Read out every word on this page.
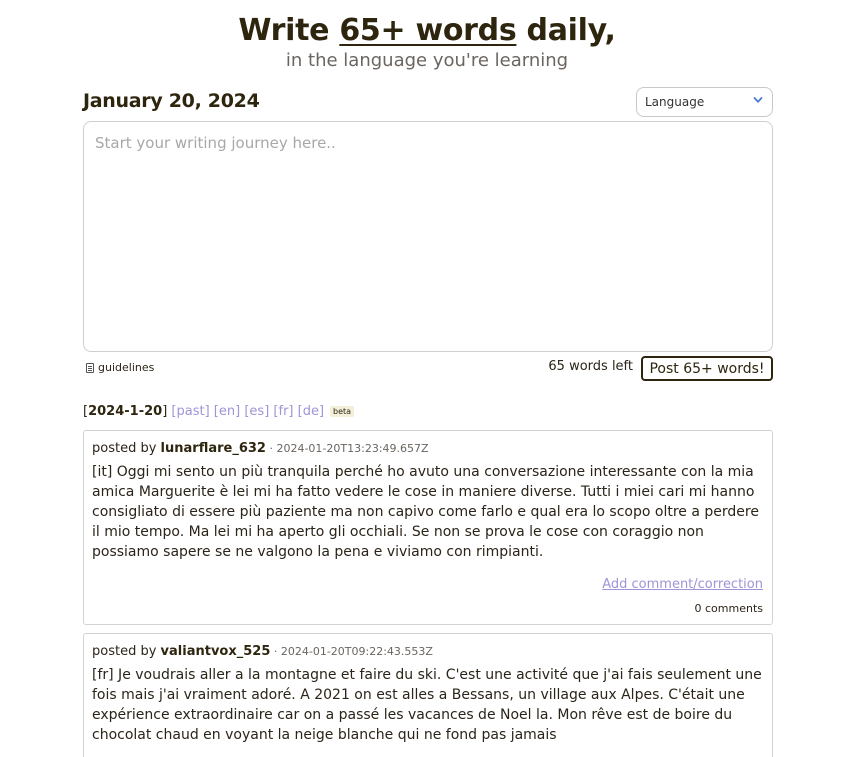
Write 65+ words daily,
in the language you're learning
January 20, 2024	Language
Start your writing journey here..
guidelines	65 words left	Post 65+ words!
[2024-1-20] [past] [en] [es] [fr] [de] beta
posted by lunarflare_632 · 2024-01-20T13:23:49.657Z
[it] Oggi mi sento un più tranquila perché ho avuto una conversazione interessante con la mia amica Marguerite è lei mi ha fatto vedere le cose in maniere diverse. Tutti i miei cari mi hanno consigliato di essere più paziente ma non capivo come farlo e qual era lo scopo oltre a perdere il mio tempo. Ma lei mi ha aperto gli occhiali. Se non se prova le cose con coraggio non possiamo sapere se ne valgono la pena e viviamo con rimpianti.
Add comment/correction
0 comments
posted by valiantvox_525 · 2024-01-20T09:22:43.553Z
[fr] Je voudrais aller a la montagne et faire du ski. C'est une activité que j'ai fais seulement une fois mais j'ai vraiment adoré. A 2021 on est alles a Bessans, un village aux Alpes. C'était une expérience extraordinaire car on a passé les vacances de Noel la. Mon rêve est de boire du chocolat chaud en voyant la neige blanche qui ne fond pas jamais
